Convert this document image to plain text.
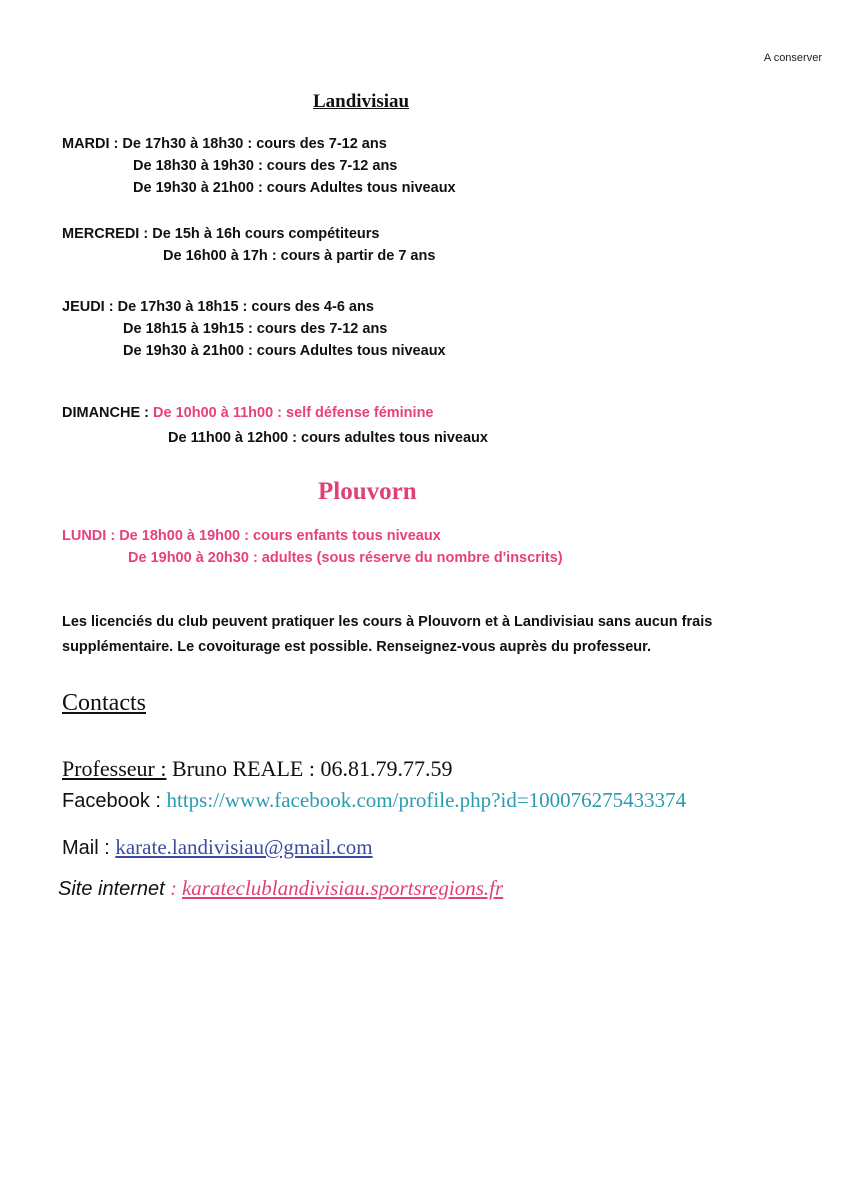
A conserver
Landivisiau
MARDI : De 17h30 à 18h30 : cours des 7-12 ans
De 18h30 à 19h30 : cours des 7-12 ans
De 19h30 à 21h00 : cours Adultes tous niveaux
MERCREDI : De 15h à 16h cours compétiteurs
De 16h00 à 17h : cours à partir de 7 ans
JEUDI : De 17h30 à 18h15 : cours des 4-6 ans
De 18h15 à 19h15 : cours des 7-12 ans
De 19h30 à 21h00 : cours Adultes tous niveaux
DIMANCHE : De 10h00 à 11h00 : self défense féminine
De 11h00 à 12h00 : cours adultes tous niveaux
Plouvorn
LUNDI : De 18h00 à 19h00 : cours enfants tous niveaux
De 19h00 à 20h30 : adultes (sous réserve du nombre d'inscrits)
Les licenciés du club peuvent pratiquer les cours à Plouvorn et à Landivisiau sans aucun frais supplémentaire. Le covoiturage est possible. Renseignez-vous auprès du professeur.
Contacts
Professeur : Bruno REALE : 06.81.79.77.59
Facebook : https://www.facebook.com/profile.php?id=100076275433374
Mail : karate.landivisiau@gmail.com
Site internet : karateclublandivisiau.sportsregions.fr
